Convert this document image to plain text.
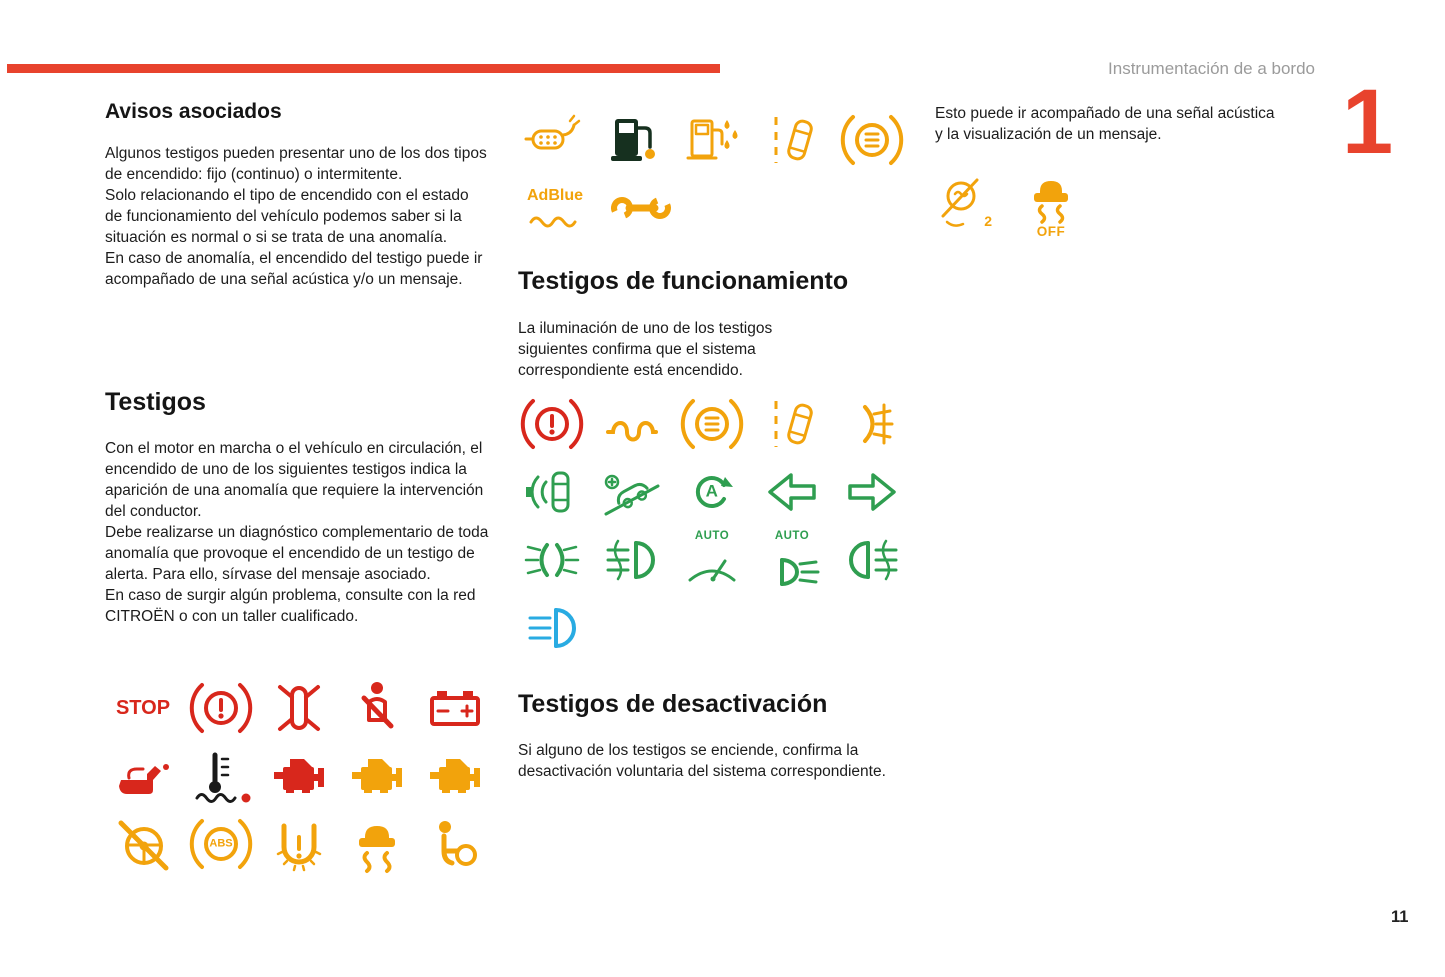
Instrumentación de a bordo
1
Avisos asociados

Algunos testigos pueden presentar uno de los dos tipos de encendido: fijo (continuo) o intermitente.

Solo relacionando el tipo de encendido con el estado de funcionamiento del vehículo podemos saber si la situación es normal o si se trata de una anomalía.

En caso de anomalía, el encendido del testigo puede ir acompañado de una señal acústica y/o un mensaje.

Testigos

Con el motor en marcha o el vehículo en circulación, el encendido de uno de los siguientes testigos indica la aparición de una anomalía que requiere la intervención del conductor.

Debe realizarse un diagnóstico complementario de toda anomalía que provoque el encendido de un testigo de alerta. Para ello, sírvase del mensaje asociado.

En caso de surgir algún problema, consulte con la red CITROËN o con un taller cualificado.

STOP
ABS
AdBlue
Testigos de funcionamiento

La iluminación de uno de los testigos siguientes confirma que el sistema correspondiente está encendido.

A
AUTO	AUTO
Testigos de desactivación

Si alguno de los testigos se enciende, confirma la desactivación voluntaria del sistema correspondiente.

Esto puede ir acompañado de una señal acústica y la visualización de un mensaje.

2
OFF
11
